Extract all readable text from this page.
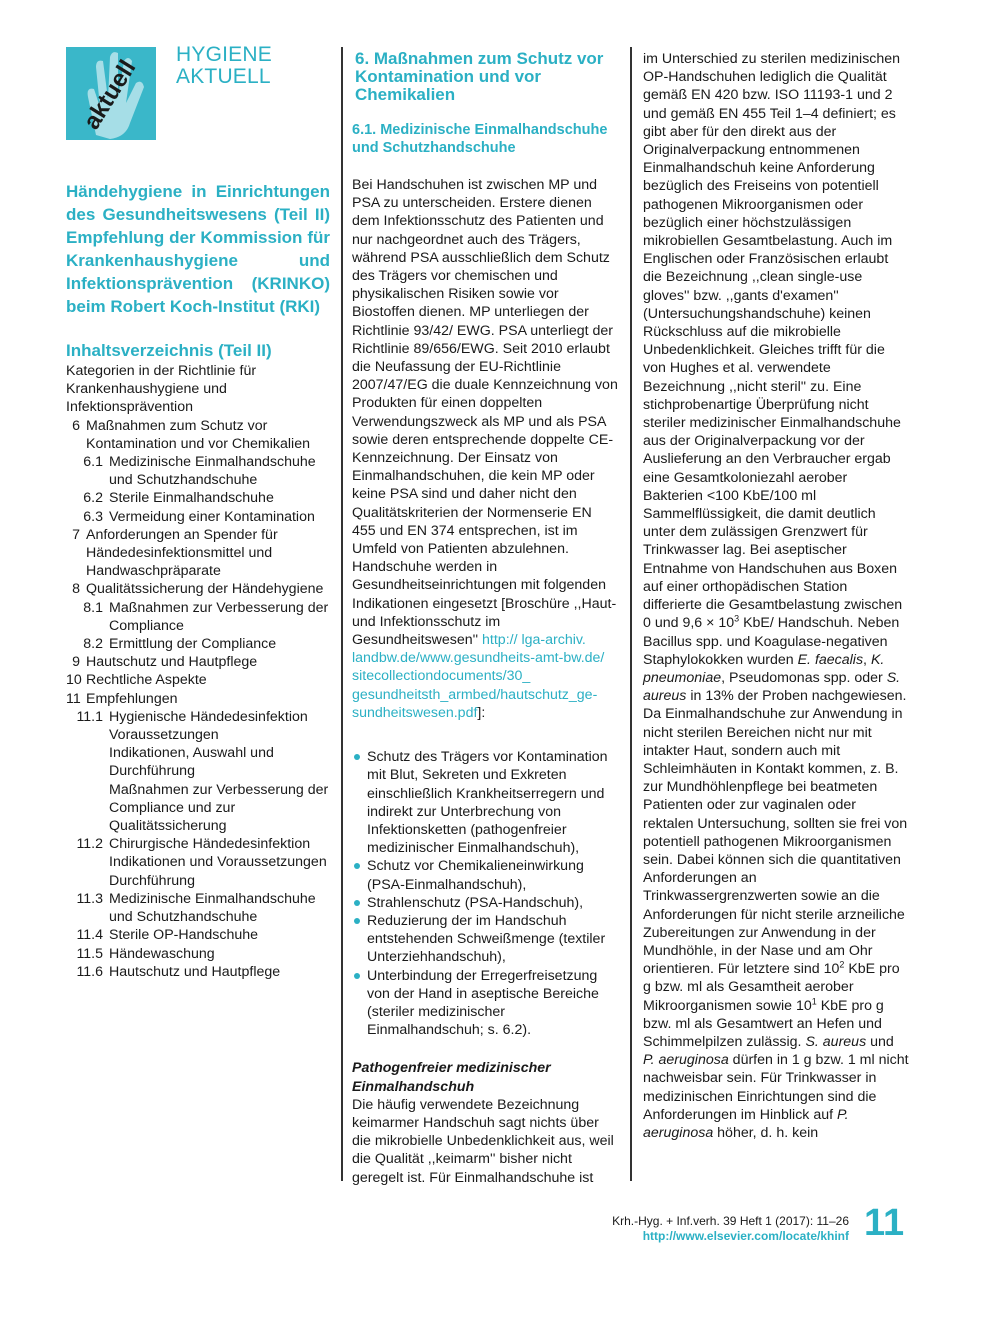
aktuell
HYGIENE
AKTUELL
Händehygiene in Einrichtungen des Gesundheitswesens (Teil II) Empfehlung der Kommission für Krankenhaushygiene und Infektionsprävention (KRINKO) beim Robert Koch-Institut (RKI)
Inhaltsverzeichnis (Teil II)
Kategorien in der Richtlinie für Krankenhaushygiene und Infektionsprävention
6 Maßnahmen zum Schutz vor Kontamination und vor Chemikalien
6.1 Medizinische Einmalhandschuhe und Schutzhandschuhe
6.2 Sterile Einmalhandschuhe
6.3 Vermeidung einer Kontamination
7 Anforderungen an Spender für Händedesinfektionsmittel und Handwaschpräparate
8 Qualitätssicherung der Händehygiene
8.1 Maßnahmen zur Verbesserung der Compliance
8.2 Ermittlung der Compliance
9 Hautschutz und Hautpflege
10 Rechtliche Aspekte
11 Empfehlungen
11.1 Hygienische Händedesinfektion
Voraussetzungen
Indikationen, Auswahl und Durchführung
Maßnahmen zur Verbesserung der Compliance und zur Qualitätssicherung
11.2 Chirurgische Händedesinfektion
Indikationen und Voraussetzungen
Durchführung
11.3 Medizinische Einmalhandschuhe und Schutzhandschuhe
11.4 Sterile OP-Handschuhe
11.5 Händewaschung
11.6 Hautschutz und Hautpflege
6. Maßnahmen zum Schutz vor Kontamination und vor Chemikalien
6.1. Medizinische Einmalhandschuhe und Schutzhandschuhe

Bei Handschuhen ist zwischen MP und PSA zu unterscheiden. Erstere dienen dem Infektionsschutz des Patienten und nur nachgeordnet auch des Trägers, während PSA ausschließlich dem Schutz des Trägers vor chemischen und physikalischen Risiken sowie vor Biostoffen dienen. MP unterliegen der Richtlinie 93/42/ EWG. PSA unterliegt der Richtlinie 89/656/EWG. Seit 2010 erlaubt die Neufassung der EU-Richtlinie 2007/47/EG die duale Kennzeichnung von Produkten für einen doppelten Verwendungszweck als MP und als PSA sowie deren entsprechende doppelte CE-Kennzeichnung. Der Einsatz von Einmalhandschuhen, die kein MP oder keine PSA sind und daher nicht den Qualitätskriterien der Normenserie EN 455 und EN 374 entsprechen, ist im Umfeld von Patienten abzulehnen. Handschuhe werden in Gesundheitseinrichtungen mit folgenden Indikationen eingesetzt [Broschüre ,,Haut- und Infektionsschutz im Gesundheitswesen'' http:// lga-archiv. landbw.de/www.gesundheits-amt-bw.de/ sitecollectiondocuments/30_ gesundheitsth_armbed/hautschutz_ge- sundheitswesen.pdf]:

Schutz des Trägers vor Kontamination mit Blut, Sekreten und Exkreten einschließlich Krankheitserregern und indirekt zur Unterbrechung von Infektionsketten (pathogenfreier medizinischer Einmalhandschuh),
Schutz vor Chemikalieneinwirkung (PSA-Einmalhandschuh),
Strahlenschutz (PSA-Handschuh),
Reduzierung der im Handschuh entstehenden Schweißmenge (textiler Unterziehhandschuh),
Unterbindung der Erregerfreisetzung von der Hand in aseptische Bereiche (steriler medizinischer Einmalhandschuh; s. 6.2).

Pathogenfreier medizinischer Einmalhandschuh

Die häufig verwendete Bezeichnung keimarmer Handschuh sagt nichts über die mikrobielle Unbedenklichkeit aus, weil die Qualität ,,keimarm'' bisher nicht geregelt ist. Für Einmalhandschuhe ist

im Unterschied zu sterilen medizinischen OP-Handschuhen lediglich die Qualität gemäß EN 420 bzw. ISO 11193-1 und 2 und gemäß EN 455 Teil 1–4 definiert; es gibt aber für den direkt aus der Originalverpackung entnommenen Einmalhandschuh keine Anforderung bezüglich des Freiseins von potentiell pathogenen Mikroorganismen oder bezüglich einer höchstzulässigen mikrobiellen Gesamtbelastung. Auch im Englischen oder Französischen erlaubt die Bezeichnung ,,clean single-use gloves'' bzw. ,,gants d'examen'' (Untersuchungshandschuhe) keinen Rückschluss auf die mikrobielle Unbedenklichkeit. Gleiches trifft für die von Hughes et al. verwendete Bezeichnung ,,nicht steril'' zu. Eine stichprobenartige Überprüfung nicht steriler medizinischer Einmalhandschuhe aus der Originalverpackung vor der Auslieferung an den Verbraucher ergab eine Gesamtkoloniezahl aerober Bakterien <100 KbE/100 ml Sammelflüssigkeit, die damit deutlich unter dem zulässigen Grenzwert für Trinkwasser lag. Bei aseptischer Entnahme von Handschuhen aus Boxen auf einer orthopädischen Station differierte die Gesamtbelastung zwischen 0 und $9,6 \times 10^3$ KbE/ Handschuh. Neben Bacillus spp. und Koagulase-negativen Staphylokokken wurden E. faecalis, K. pneumoniae, Pseudomonas spp. oder S. aureus in 13% der Proben nachgewiesen. Da Einmalhandschuhe zur Anwendung in nicht sterilen Bereichen nicht nur mit intakter Haut, sondern auch mit Schleimhäuten in Kontakt kommen, z. B. zur Mundhöhlenpflege bei beatmeten Patienten oder zur vaginalen oder rektalen Untersuchung, sollten sie frei von potentiell pathogenen Mikroorganismen sein. Dabei können sich die quantitativen Anforderungen an Trinkwassergrenzwerten sowie an die Anforderungen für nicht sterile arzneiliche Zubereitungen zur Anwendung in der Mundhöhle, in der Nase und am Ohr orientieren. Für letztere sind $10^2$ KbE pro g bzw. ml als Gesamtheit aerober Mikroorganismen sowie $10^1$ KbE pro g bzw. ml als Gesamtwert an Hefen und Schimmelpilzen zulässig. S. aureus und P. aeruginosa dürfen in 1 g bzw. 1 ml nicht nachweisbar sein. Für Trinkwasser in medizinischen Einrichtungen sind die Anforderungen im Hinblick auf P. aeruginosa höher, d. h. kein

Krh.-Hyg. + Inf.verh. 39 Heft 1 (2017): 11–26
http://www.elsevier.com/locate/khinf 11
